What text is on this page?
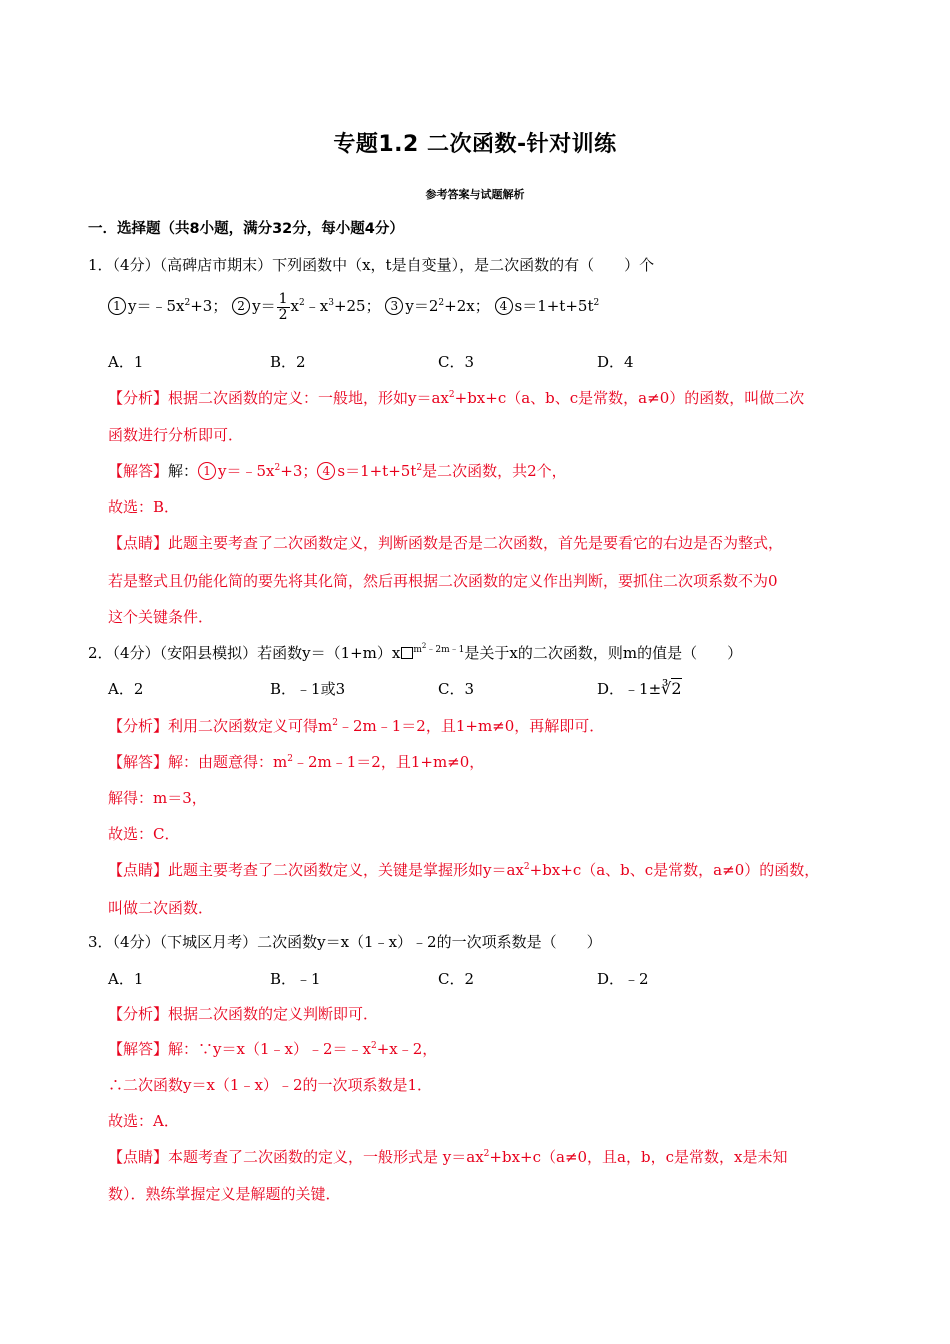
专题1.2 二次函数-针对训练
参考答案与试题解析
一．选择题（共8小题，满分32分，每小题4分）
1．（4分）（高碑店市期末）下列函数中（x，t是自变量），是二次函数的有（　　）个
1 $y=﹣5x^2+3$； 2 $y= \frac{1}{2}$ $x^2﹣x^3+25$； 3 $y=2^2+2x$； 4 $s=1+t+5t^2$
A．1	B．2	C．3	D．4
【分析】根据二次函数的定义：一般地，形如$y=ax^2+bx+c(a$、b、c是常数，a≠0）的函数，叫做二次
函数进行分析即可．
【解答】解： 1 $y=﹣5x^2+3$； 4 $s=1+t+5t^2$是二次函数，共2个，
故选：B．
【点睛】此题主要考查了二次函数定义，判断函数是否是二次函数，首先是要看它的右边是否为整式，
若是整式且仍能化简的要先将其化简，然后再根据二次函数的定义作出判断，要抓住二次项系数不为0
这个关键条件．
2．（4分）（安阳县模拟）若函数y＝（1+m）x $^{m^2﹣2m﹣1}$是关于x的二次函数，则m的值是（　　）
A．2	B．﹣1或3	C．3	D．﹣1±∛2
【分析】利用二次函数定义可得$m^2﹣2m﹣1=2$，且1+m≠0，再解即可．
【解答】解：由题意得：$m^2﹣2m﹣1=2$，且1+m≠0，
解得：m＝3，
故选：C．
【点睛】此题主要考查了二次函数定义，关键是掌握形如$y=ax^2+bx+c(a$、b、c是常数，a≠0）的函数，
叫做二次函数．
3．（4分）（下城区月考）二次函数y＝x（1﹣x）﹣2的一次项系数是（　　）
A．1	B．﹣1	C．2	D．﹣2
【分析】根据二次函数的定义判断即可．
【解答】解：$\because y=x(1﹣x)﹣2=﹣x^2+x﹣2$，
∴二次函数y＝x（1﹣x）﹣2的一次项系数是1．
故选：A．
【点睛】本题考查了二次函数的定义，一般形式是 $y=ax^2+bx+c(a\ne 0$，且a，b，c是常数，x是未知
数）．熟练掌握定义是解题的关键．
